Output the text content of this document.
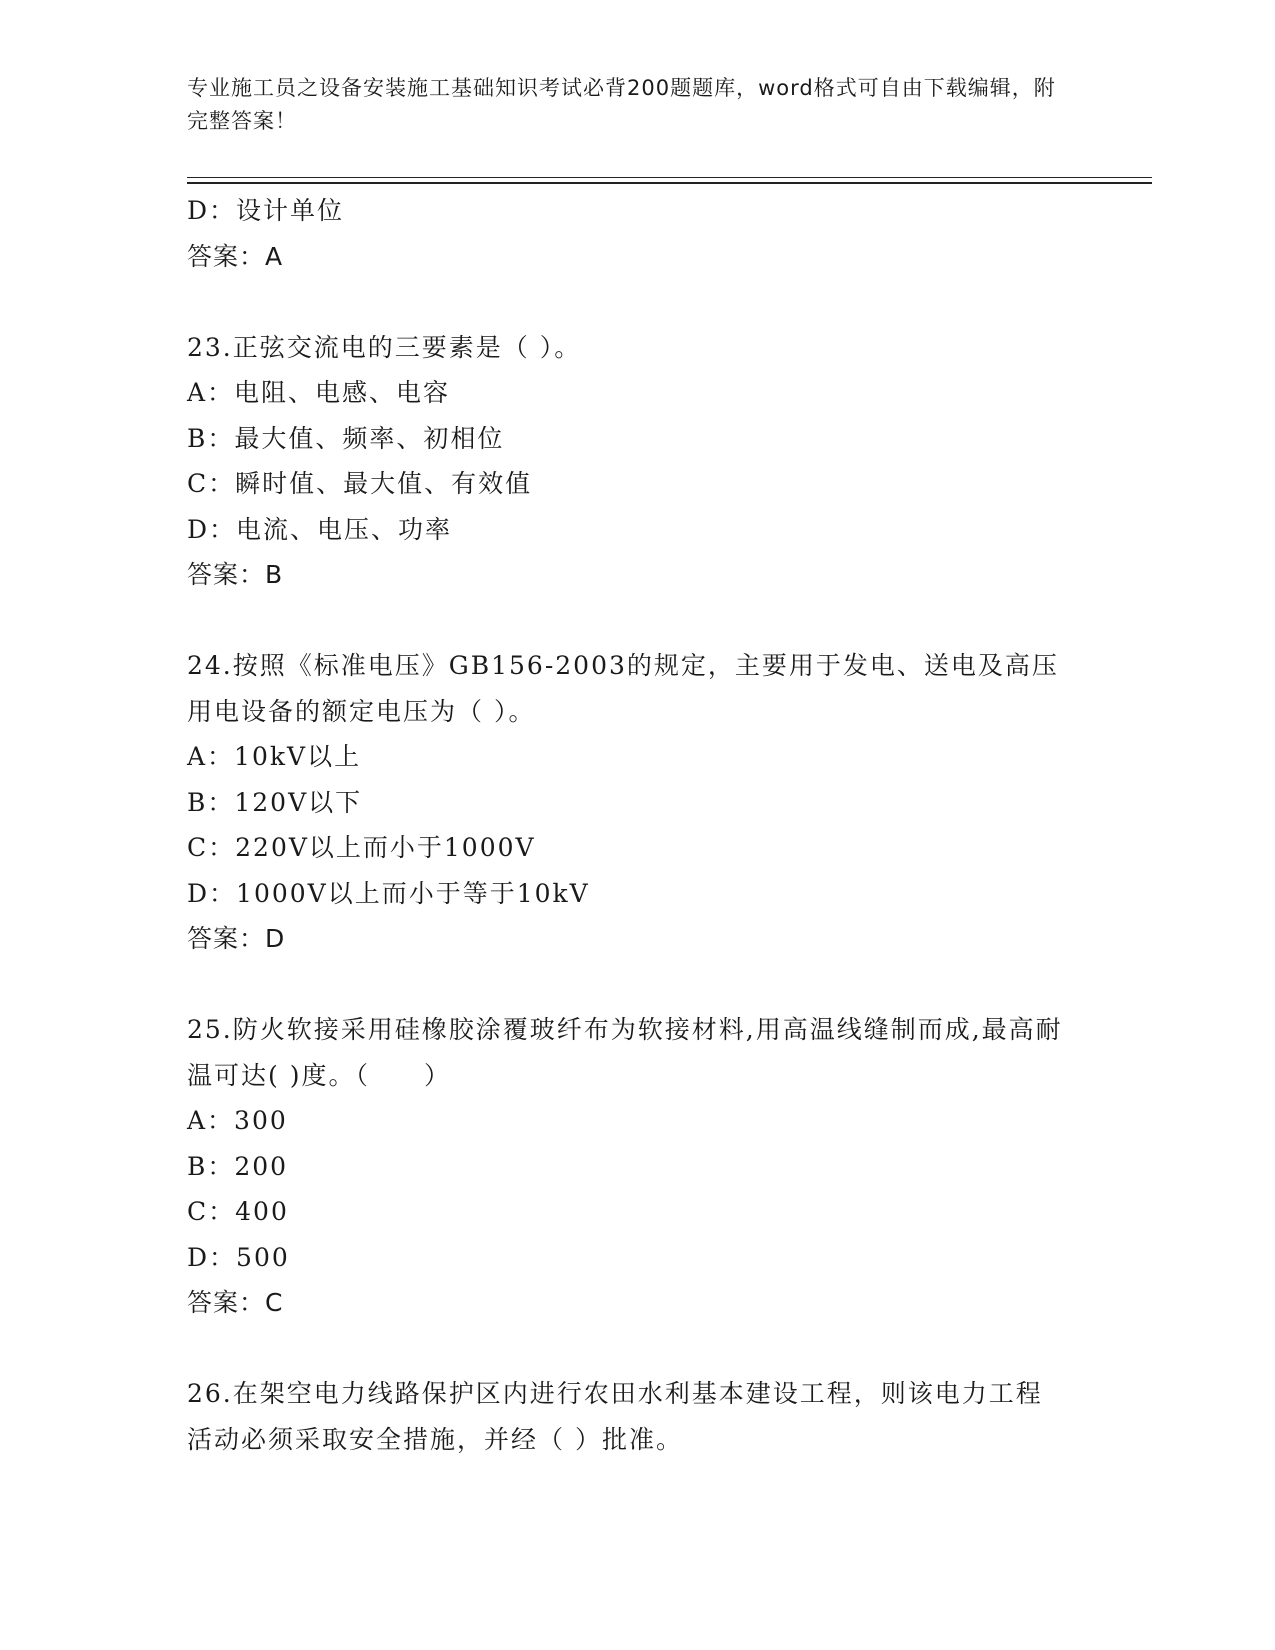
专业施工员之设备安装施工基础知识考试必背200题题库，word格式可自由下载编辑，附完整答案！
D：设计单位
答案：A
23.正弦交流电的三要素是（ ）。
A：电阻、电感、电容
B：最大值、频率、初相位
C：瞬时值、最大值、有效值
D：电流、电压、功率
答案：B
24.按照《标准电压》GB156-2003的规定，主要用于发电、送电及高压用电设备的额定电压为（ ）。
A：10kV以上
B：120V以下
C：220V以上而小于1000V
D：1000V以上而小于等于10kV
答案：D
25.防火软接采用硅橡胶涂覆玻纤布为软接材料,用高温线缝制而成,最高耐温可达( )度。（　　）
A：300
B：200
C：400
D：500
答案：C
26.在架空电力线路保护区内进行农田水利基本建设工程，则该电力工程活动必须采取安全措施，并经（ ）批准。
